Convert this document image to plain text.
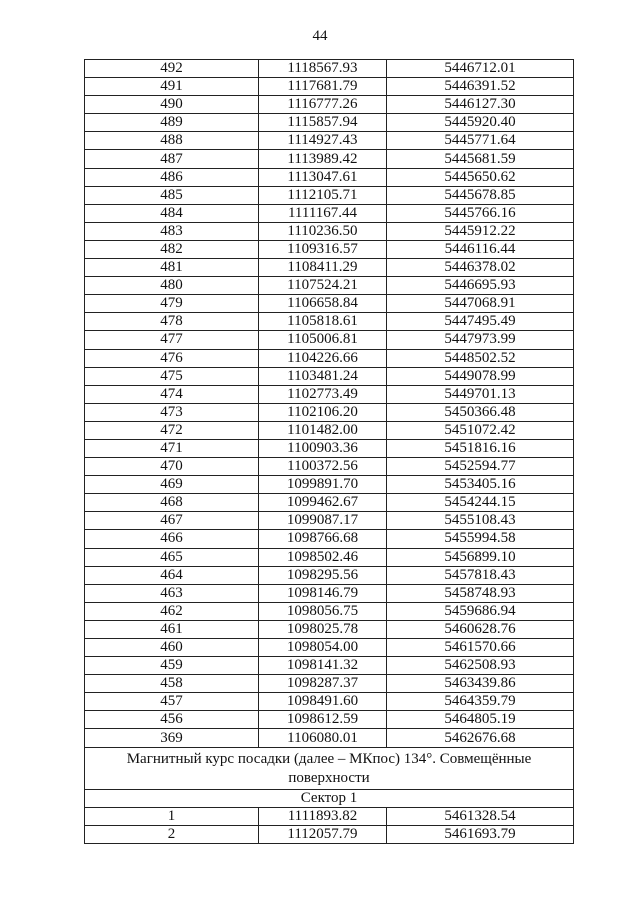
44
492	1118567.93	5446712.01
491	1117681.79	5446391.52
490	1116777.26	5446127.30
489	1115857.94	5445920.40
488	1114927.43	5445771.64
487	1113989.42	5445681.59
486	1113047.61	5445650.62
485	1112105.71	5445678.85
484	1111167.44	5445766.16
483	1110236.50	5445912.22
482	1109316.57	5446116.44
481	1108411.29	5446378.02
480	1107524.21	5446695.93
479	1106658.84	5447068.91
478	1105818.61	5447495.49
477	1105006.81	5447973.99
476	1104226.66	5448502.52
475	1103481.24	5449078.99
474	1102773.49	5449701.13
473	1102106.20	5450366.48
472	1101482.00	5451072.42
471	1100903.36	5451816.16
470	1100372.56	5452594.77
469	1099891.70	5453405.16
468	1099462.67	5454244.15
467	1099087.17	5455108.43
466	1098766.68	5455994.58
465	1098502.46	5456899.10
464	1098295.56	5457818.43
463	1098146.79	5458748.93
462	1098056.75	5459686.94
461	1098025.78	5460628.76
460	1098054.00	5461570.66
459	1098141.32	5462508.93
458	1098287.37	5463439.86
457	1098491.60	5464359.79
456	1098612.59	5464805.19
369	1106080.01	5462676.68
Магнитный курс посадки (далее – МКпос) 134°. Совмещённые поверхности		
Сектор 1		
1	1111893.82	5461328.54
2	1112057.79	5461693.79
